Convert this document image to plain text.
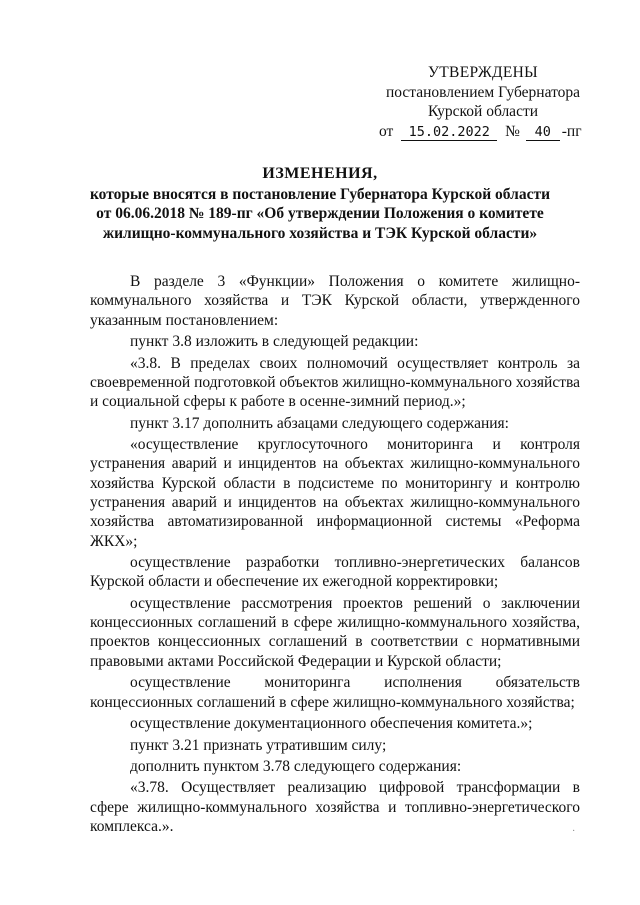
УТВЕРЖДЕНЫ
постановлением Губернатора
Курской области
от 15.02.2022 № 40 -пг
ИЗМЕНЕНИЯ,
которые вносятся в постановление Губернатора Курской области
от 06.06.2018 № 189-пг «Об утверждении Положения о комитете
жилищно-коммунального хозяйства и ТЭК Курской области»

В разделе 3 «Функции» Положения о комитете жилищно-коммунального хозяйства и ТЭК Курской области, утвержденного указанным постановлением:

пункт 3.8 изложить в следующей редакции:

«3.8. В пределах своих полномочий осуществляет контроль за своевременной подготовкой объектов жилищно-коммунального хозяйства и социальной сферы к работе в осенне-зимний период.»;

пункт 3.17 дополнить абзацами следующего содержания:

«осуществление круглосуточного мониторинга и контроля устранения аварий и инцидентов на объектах жилищно-коммунального хозяйства Курской области в подсистеме по мониторингу и контролю устранения аварий и инцидентов на объектах жилищно-коммунального хозяйства автоматизированной информационной системы «Реформа ЖКХ»;

осуществление разработки топливно-энергетических балансов Курской области и обеспечение их ежегодной корректировки;

осуществление рассмотрения проектов решений о заключении концессионных соглашений в сфере жилищно-коммунального хозяйства, проектов концессионных соглашений в соответствии с нормативными правовыми актами Российской Федерации и Курской области;

осуществление мониторинга исполнения обязательств концессионных соглашений в сфере жилищно-коммунального хозяйства;

осуществление документационного обеспечения комитета.»;

пункт 3.21 признать утратившим силу;

дополнить пунктом 3.78 следующего содержания:

«3.78. Осуществляет реализацию цифровой трансформации в сфере жилищно-коммунального хозяйства и топливно-энергетического комплекса.».	·
